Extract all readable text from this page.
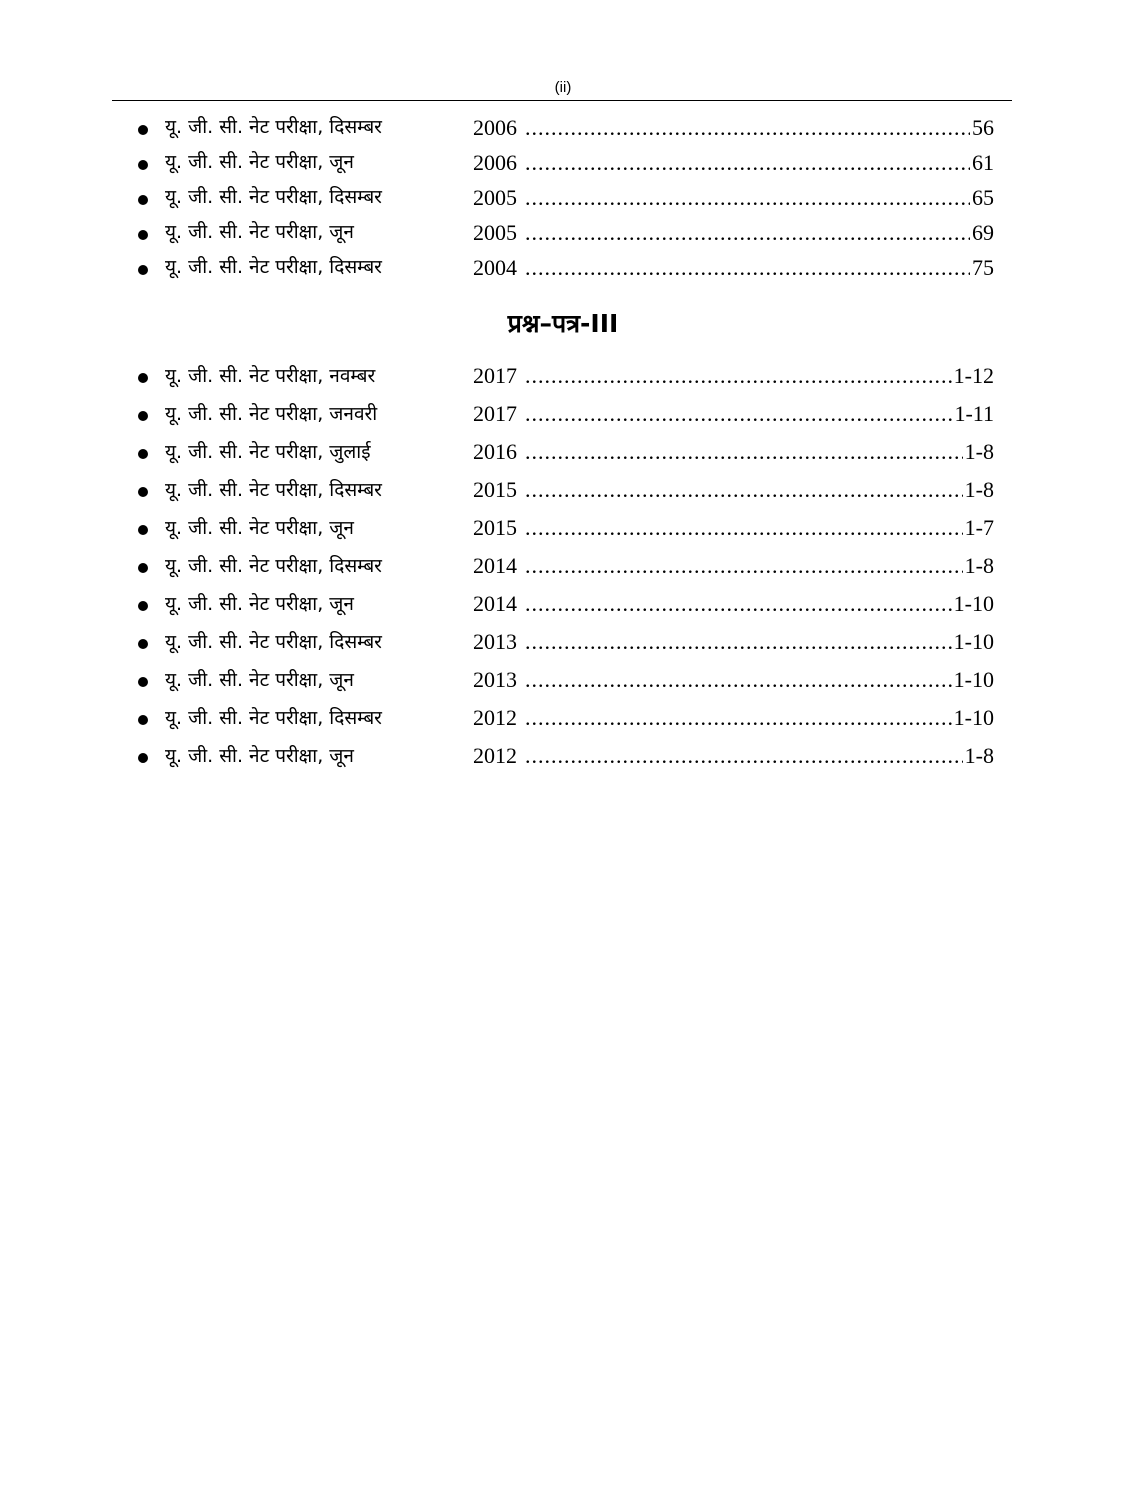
(ii)
यू. जी. सी. नेट परीक्षा, दिसम्बर	2006 .....	56
यू. जी. सी. नेट परीक्षा, जून	2006 .....	61
यू. जी. सी. नेट परीक्षा, दिसम्बर	2005 .....	65
यू. जी. सी. नेट परीक्षा, जून	2005 .....	69
यू. जी. सी. नेट परीक्षा, दिसम्बर	2004 .....	75
प्रश्न–पत्र-III
यू. जी. सी. नेट परीक्षा, नवम्बर	2017 .....	1-12
यू. जी. सी. नेट परीक्षा, जनवरी	2017 .....	1-11
यू. जी. सी. नेट परीक्षा, जुलाई	2016 .....	1-8
यू. जी. सी. नेट परीक्षा, दिसम्बर	2015 .....	1-8
यू. जी. सी. नेट परीक्षा, जून	2015 .....	1-7
यू. जी. सी. नेट परीक्षा, दिसम्बर	2014 .....	1-8
यू. जी. सी. नेट परीक्षा, जून	2014 .....	1-10
यू. जी. सी. नेट परीक्षा, दिसम्बर	2013 .....	1-10
यू. जी. सी. नेट परीक्षा, जून	2013 .....	1-10
यू. जी. सी. नेट परीक्षा, दिसम्बर	2012 .....	1-10
यू. जी. सी. नेट परीक्षा, जून	2012 .....	1-8
